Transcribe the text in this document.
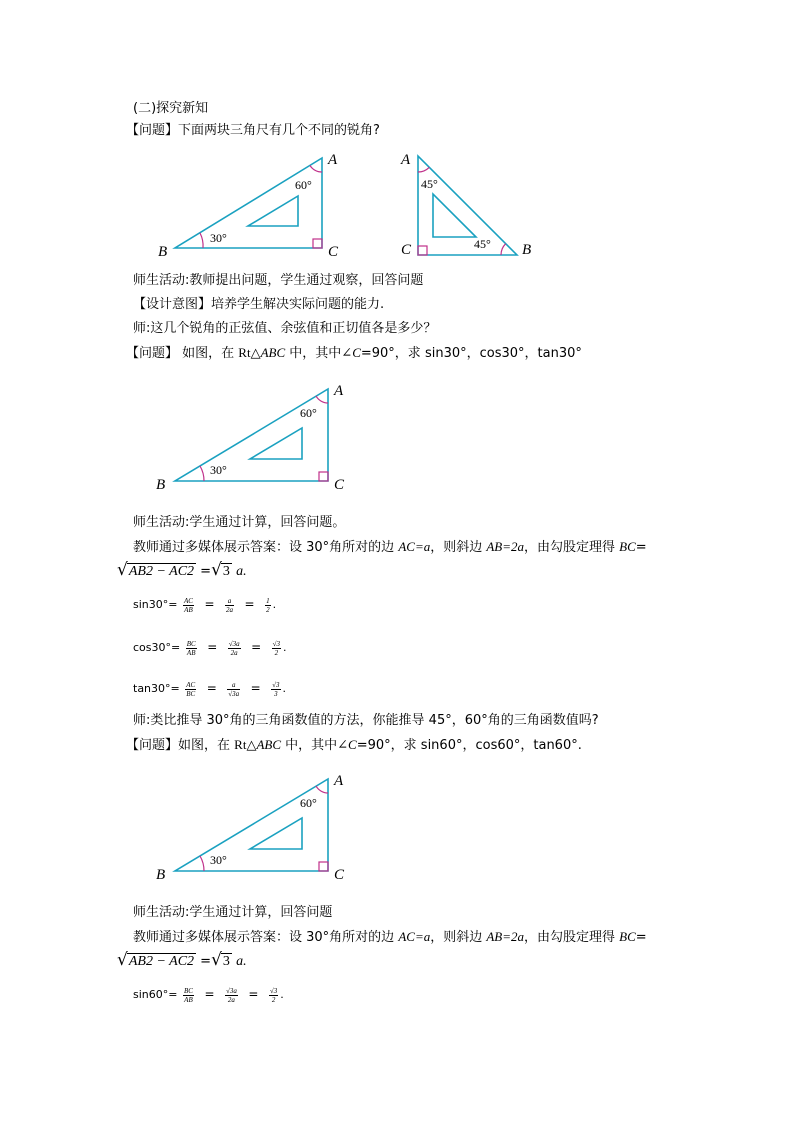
(二)探究新知
【问题】下面两块三角尺有几个不同的锐角?
A
B	C
60°
30°
A
C	B
45°
45°
师生活动:教师提出问题，学生通过观察，回答问题
【设计意图】培养学生解决实际问题的能力.
师:这几个锐角的正弦值、余弦值和正切值各是多少？
【问题】 如图，在 Rt△ABC 中，其中∠C=90°，求 sin30°，cos30°，tan30°
A
B	C
60°
30°
师生活动:学生通过计算，回答问题。
教师通过多媒体展示答案：设 30°角所对的边 AC=a，则斜边 AB=2a，由勾股定理得 BC=
√AB2 − AC2 =√3 a.
$\sin 30^\circ= \frac{AC}{AB} = \frac{a}{2a} = \frac{1}{2}$ .
$\cos 30^\circ= \frac{BC}{AB} = \frac{√3a}{2a} = \frac{√3}{2}$ .
$\tan 30^\circ= \frac{AC}{BC} = \frac{a}{√3a} = \frac{√3}{3}$ .
师:类比推导 30°角的三角函数值的方法，你能推导 45°，60°角的三角函数值吗?
【问题】如图，在 Rt△ABC 中，其中∠C=90°，求 sin60°，cos60°，tan60°.
A
B	C
60°
30°
师生活动:学生通过计算，回答问题
教师通过多媒体展示答案：设 30°角所对的边 AC=a，则斜边 AB=2a，由勾股定理得 BC=
√AB2 − AC2 =√3 a.
$\sin 60^\circ= \frac{BC}{AB} = \frac{√3a}{2a} = \frac{√3}{2}$ .
